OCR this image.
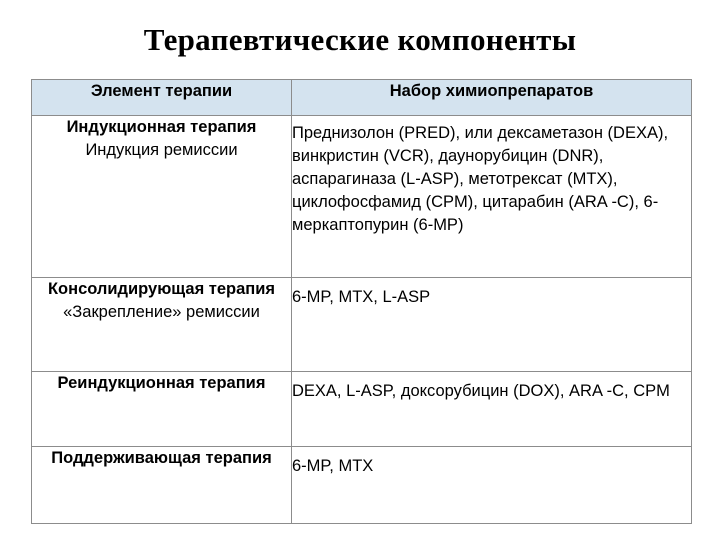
Терапевтические компоненты
Элемент терапии	Набор химиопрепаратов

Индукционная терапия
Индукция ремиссии	Преднизолон (PRED), или дексаметазон (DEXA), винкристин (VCR), даунорубицин (DNR), аспарагиназа (L-ASP), метотрексат (MTX), циклофосфамид (CPM), цитарабин (ARA -C), 6-меркаптопурин (6-MP)

Консолидирующая терапия
«Закрепление» ремиссии	6-MP, MTX, L-ASP

Реиндукционная терапия	DEXA, L-ASP, доксорубицин (DOX), ARA -C, CPM

Поддерживающая терапия	6-MP, MTX
